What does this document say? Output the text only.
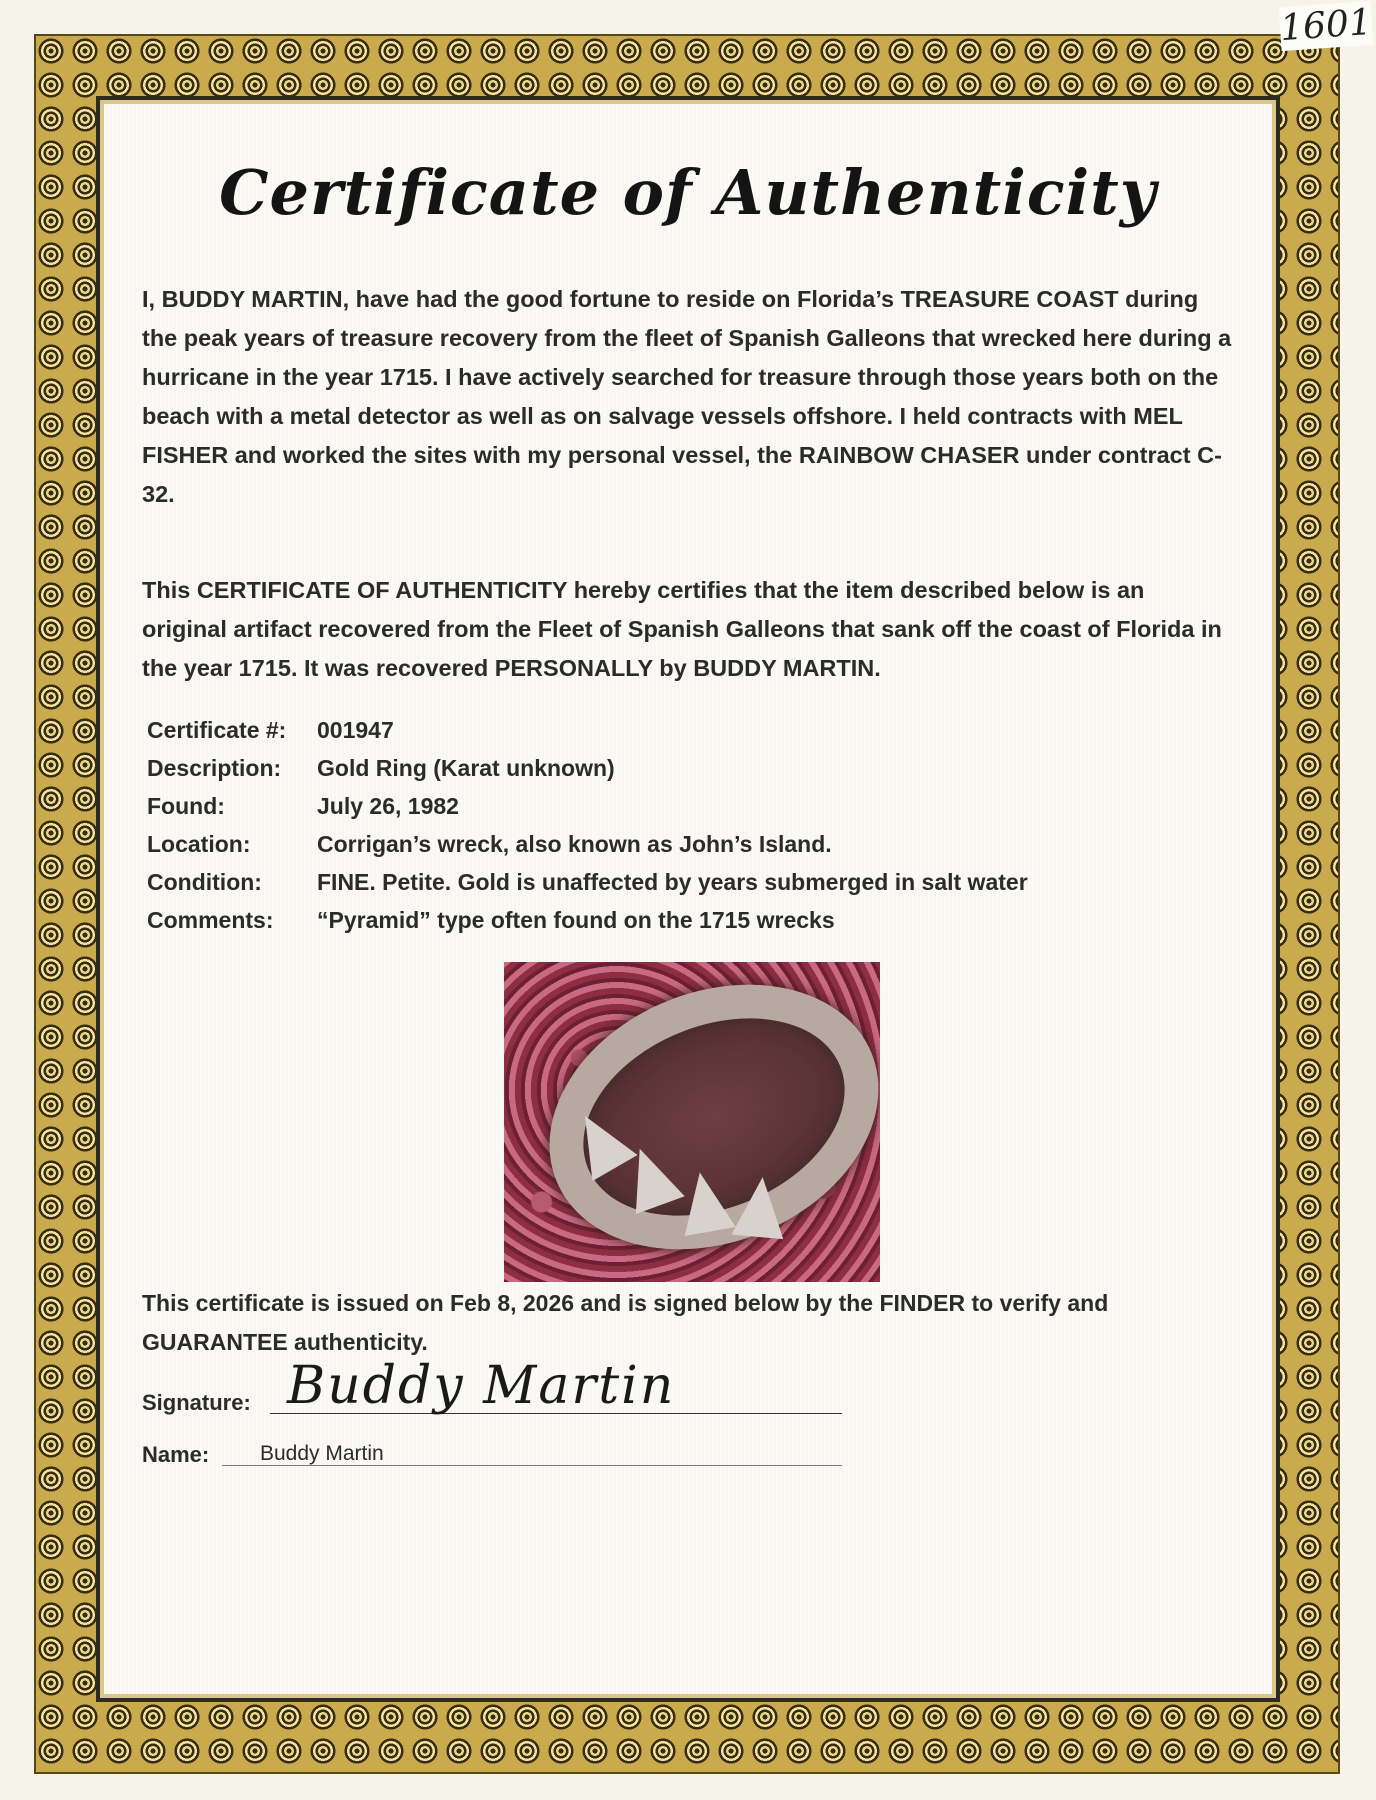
Certificate of Authenticity
I, BUDDY MARTIN, have had the good fortune to reside on Florida’s TREASURE COAST during the peak years of treasure recovery from the fleet of Spanish Galleons that wrecked here during a hurricane in the year 1715. I have actively searched for treasure through those years both on the beach with a metal detector as well as on salvage vessels offshore. I held contracts with MEL FISHER and worked the sites with my personal vessel, the RAINBOW CHASER under contract C-32.
This CERTIFICATE OF AUTHENTICITY hereby certifies that the item described below is an original artifact recovered from the Fleet of Spanish Galleons that sank off the coast of Florida in the year 1715. It was recovered PERSONALLY by BUDDY MARTIN.
Certificate #:	001947
Description:	Gold Ring (Karat unknown)
Found:	July 26, 1982
Location:	Corrigan’s wreck, also known as John’s Island.
Condition:	FINE. Petite. Gold is unaffected by years submerged in salt water
Comments:	“Pyramid” type often found on the 1715 wrecks
This certificate is issued on Feb 8, 2026 and is signed below by the FINDER to verify and GUARANTEE authenticity.
Signature: Buddy Martin
Name: Buddy Martin
1601
